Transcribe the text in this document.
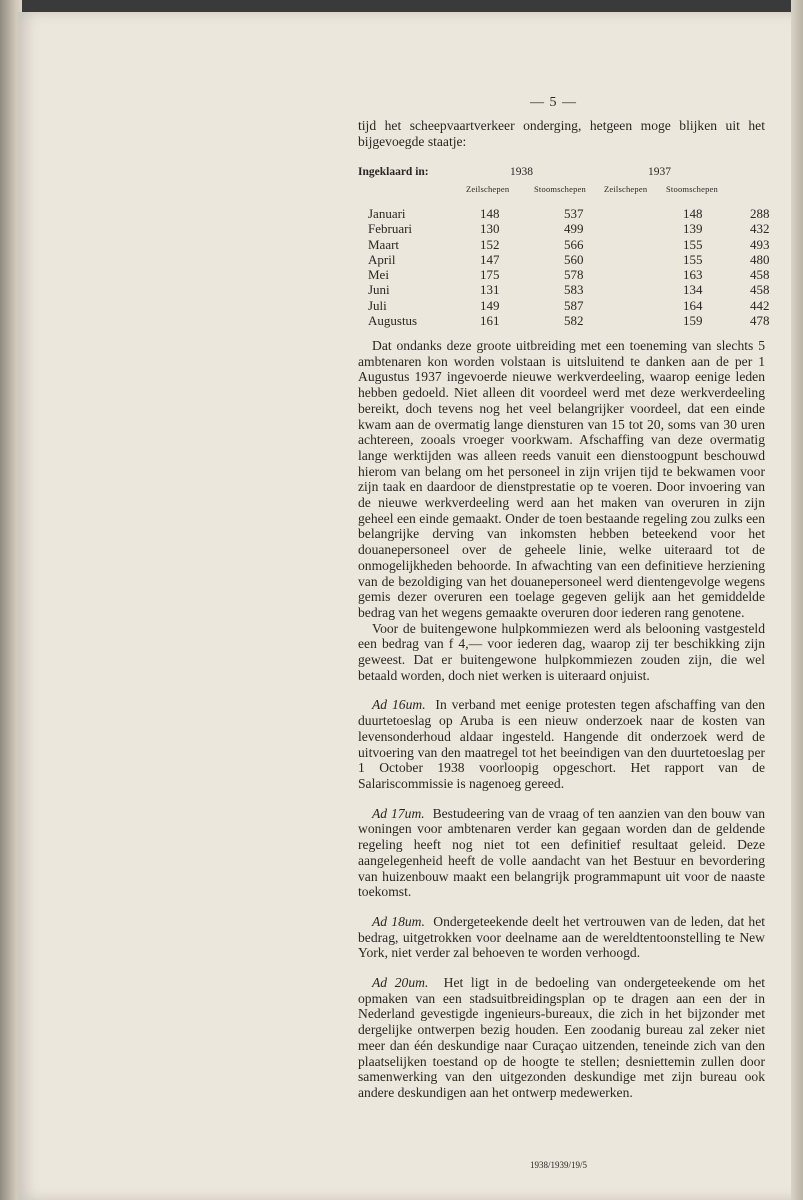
— 5 —

tijd het scheepvaartverkeer onderging, hetgeen moge blijken uit het bijgevoegde staatje:

Ingeklaard in:	1938	1937
Zeilschepen	Stoomschepen Zeilschepen Stoomschepen
Januari	148	537	148	288
Februari	130	499	139	432
Maart	152	566	155	493
April	147	560	155	480
Mei	175	578	163	458
Juni	131	583	134	458
Juli	149	587	164	442
Augustus	161	582	159	478

Dat ondanks deze groote uitbreiding met een toeneming van slechts 5 ambtenaren kon worden volstaan is uitsluitend te danken aan de per 1 Augustus 1937 ingevoerde nieuwe werkverdeeling, waarop eenige leden hebben gedoeld. Niet alleen dit voordeel werd met deze werkverdeeling bereikt, doch tevens nog het veel belangrijker voordeel, dat een einde kwam aan de overmatig lange diensturen van 15 tot 20, soms van 30 uren achtereen, zooals vroeger voorkwam. Afschaffing van deze overmatig lange werktijden was alleen reeds vanuit een dienstoogpunt beschouwd hierom van belang om het personeel in zijn vrijen tijd te bekwamen voor zijn taak en daardoor de dienstprestatie op te voeren. Door invoering van de nieuwe werkverdeeling werd aan het maken van overuren in zijn geheel een einde gemaakt. Onder de toen bestaande regeling zou zulks een belangrijke derving van inkomsten hebben beteekend voor het douanepersoneel over de geheele linie, welke uiteraard tot de onmogelijkheden behoorde. In afwachting van een definitieve herziening van de bezoldiging van het douanepersoneel werd dientengevolge wegens gemis dezer overuren een toelage gegeven gelijk aan het gemiddelde bedrag van het wegens gemaakte overuren door iederen rang genotene.

Voor de buitengewone hulpkommiezen werd als belooning vastgesteld een bedrag van f 4,— voor iederen dag, waarop zij ter beschikking zijn geweest. Dat er buitengewone hulpkommiezen zouden zijn, die wel betaald worden, doch niet werken is uiteraard onjuist.

Ad 16um. In verband met eenige protesten tegen afschaffing van den duurtetoeslag op Aruba is een nieuw onderzoek naar de kosten van levensonderhoud aldaar ingesteld. Hangende dit onderzoek werd de uitvoering van den maatregel tot het beeindigen van den duurtetoeslag per 1 October 1938 voorloopig opgeschort. Het rapport van de Salariscommissie is nagenoeg gereed.

Ad 17um. Bestudeering van de vraag of ten aanzien van den bouw van woningen voor ambtenaren verder kan gegaan worden dan de geldende regeling heeft nog niet tot een definitief resultaat geleid. Deze aangelegenheid heeft de volle aandacht van het Bestuur en bevordering van huizenbouw maakt een belangrijk programmapunt uit voor de naaste toekomst.

Ad 18um. Ondergeteekende deelt het vertrouwen van de leden, dat het bedrag, uitgetrokken voor deelname aan de wereldtentoonstelling te New York, niet verder zal behoeven te worden verhoogd.

Ad 20um. Het ligt in de bedoeling van ondergeteekende om het opmaken van een stadsuitbreidingsplan op te dragen aan een der in Nederland gevestigde ingenieurs-bureaux, die zich in het bijzonder met dergelijke ontwerpen bezig houden. Een zoodanig bureau zal zeker niet meer dan één deskundige naar Curaçao uitzenden, teneinde zich van den plaatselijken toestand op de hoogte te stellen; desniettemin zullen door samenwerking van den uitgezonden deskundige met zijn bureau ook andere deskundigen aan het ontwerp medewerken.

1938/1939/19/5
